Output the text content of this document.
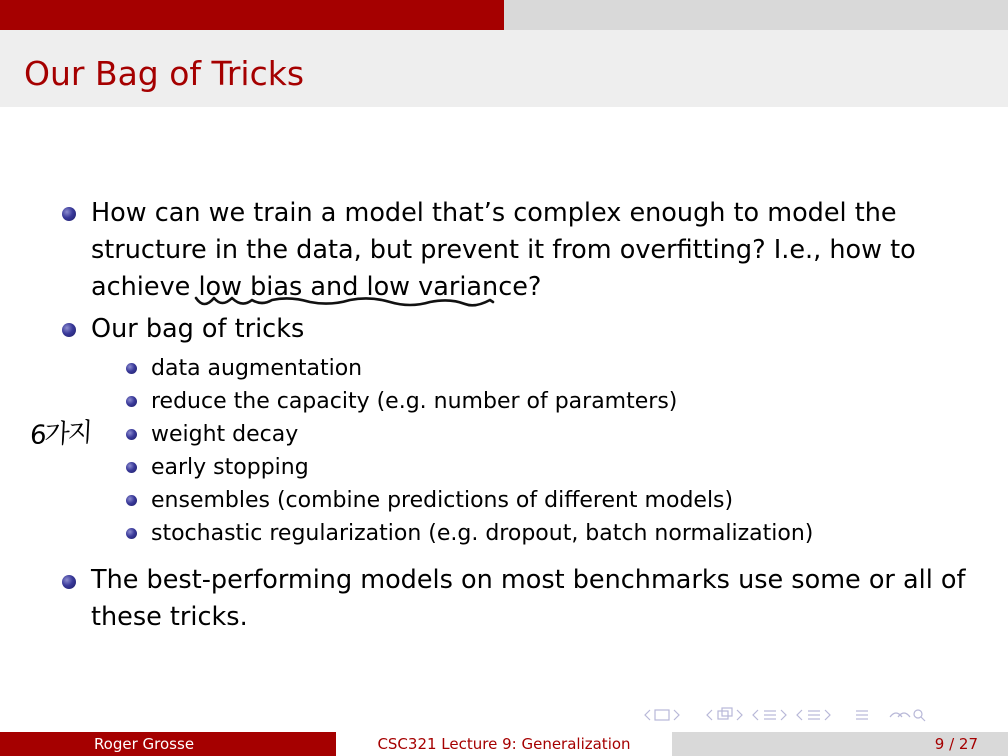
Our Bag of Tricks
How can we train a model that’s complex enough to model the
structure in the data, but prevent it from overfitting? I.e., how to
achieve low bias and low variance?
Our bag of tricks
data augmentation
reduce the capacity (e.g. number of paramters)
weight decay
early stopping
ensembles (combine predictions of different models)
stochastic regularization (e.g. dropout, batch normalization)
6가지
The best-performing models on most benchmarks use some or all of
these tricks.
Roger Grosse	CSC321 Lecture 9: Generalization	9 / 27
